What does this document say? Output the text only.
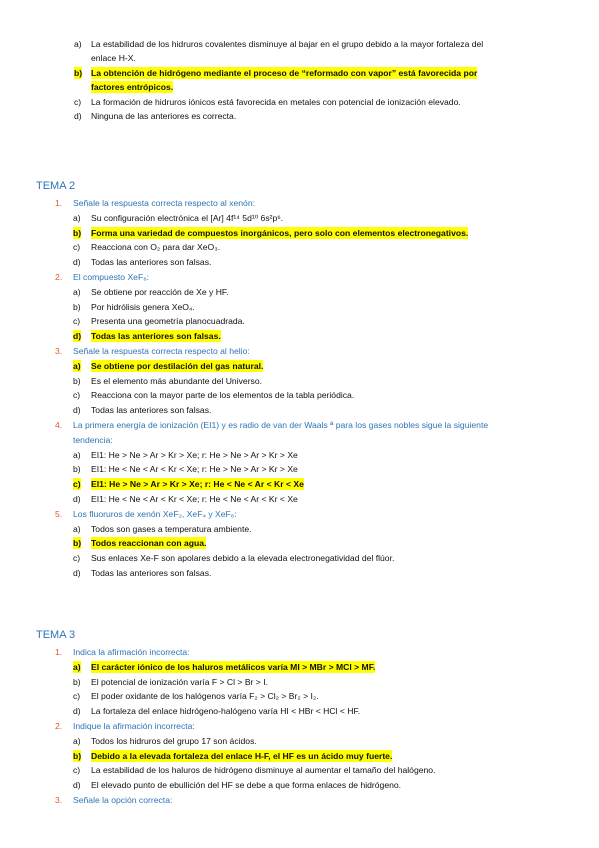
a) La estabilidad de los hidruros covalentes disminuye al bajar en el grupo debido a la mayor fortaleza del
enlace H-X.
b) La obtención de hidrógeno mediante el proceso de “reformado con vapor” está favorecida por
factores entrópicos.
c) La formación de hidruros iónicos está favorecida en metales con potencial de ionización elevado.
d) Ninguna de las anteriores es correcta.
TEMA 2
1. Señale la respuesta correcta respecto al xenón:
a) Su configuración electrónica el [Ar] 4f¹⁴ 5d¹⁰ 6s²p⁶.
b) Forma una variedad de compuestos inorgánicos, pero solo con elementos electronegativos.
c) Reacciona con O₂ para dar XeO₃.
d) Todas las anteriores son falsas.
2. El compuesto XeF₆:
a) Se obtiene por reacción de Xe y HF.
b) Por hidrólisis genera XeO₄.
c) Presenta una geometría planocuadrada.
d) Todas las anteriores son falsas.
3. Señale la respuesta correcta respecto al helio:
a) Se obtiene por destilación del gas natural.
b) Es el elemento más abundante del Universo.
c) Reacciona con la mayor parte de los elementos de la tabla periódica.
d) Todas las anteriores son falsas.
4. La primera energía de ionización (EI1) y es radio de van der Waals ª para los gases nobles sigue la siguiente
tendencia:
a) EI1: He > Ne > Ar > Kr > Xe; r: He > Ne > Ar > Kr > Xe
b) EI1: He < Ne < Ar < Kr < Xe; r: He > Ne > Ar > Kr > Xe
c) EI1: He > Ne > Ar > Kr > Xe; r: He < Ne < Ar < Kr < Xe
d) EI1: He < Ne < Ar < Kr < Xe; r: He < Ne < Ar < Kr < Xe
5. Los fluoruros de xenón XeF₂, XeF₄ y XeF₆:
a) Todos son gases a temperatura ambiente.
b) Todos reaccionan con agua.
c) Sus enlaces Xe-F son apolares debido a la elevada electronegatividad del flúor.
d) Todas las anteriores son falsas.
TEMA 3
1. Indica la afirmación incorrecta:
a) El carácter iónico de los haluros metálicos varía MI > MBr > MCl > MF.
b) El potencial de ionización varía F > Cl > Br > I.
c) El poder oxidante de los halógenos varía F₂ > Cl₂ > Br₂ > I₂.
d) La fortaleza del enlace hidrógeno-halógeno varía HI < HBr < HCl < HF.
2. Indique la afirmación incorrecta:
a) Todos los hidruros del grupo 17 son ácidos.
b) Debido a la elevada fortaleza del enlace H-F, el HF es un ácido muy fuerte.
c) La estabilidad de los haluros de hidrógeno disminuye al aumentar el tamaño del halógeno.
d) El elevado punto de ebullición del HF se debe a que forma enlaces de hidrógeno.
3. Señale la opción correcta:
